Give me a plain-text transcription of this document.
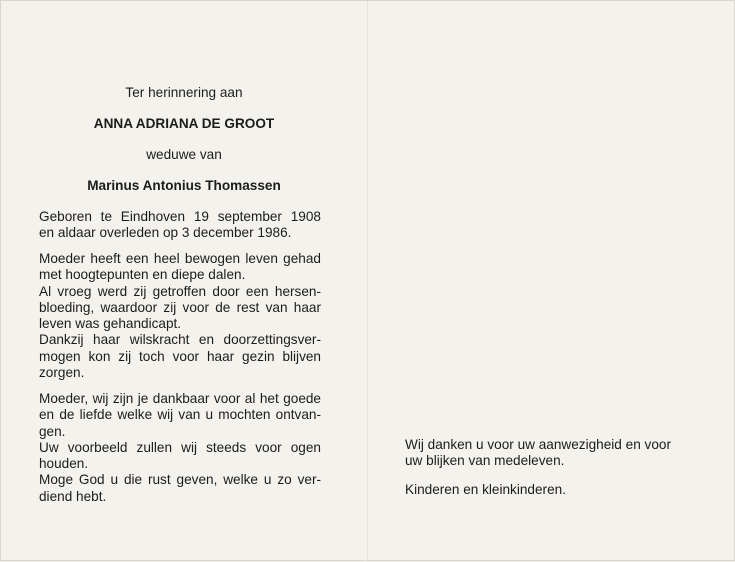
Ter herinnering aan
ANNA ADRIANA DE GROOT
weduwe van
Marinus Antonius Thomassen
Geboren te Eindhoven 19 september 1908
en aldaar overleden op 3 december 1986.
Moeder heeft een heel bewogen leven gehad
met hoogtepunten en diepe dalen.
Al vroeg werd zij getroffen door een hersen-
bloeding, waardoor zij voor de rest van haar
leven was gehandicapt.
Dankzij haar wilskracht en doorzettingsver-
mogen kon zij toch voor haar gezin blijven
zorgen.
Moeder, wij zijn je dankbaar voor al het goede
en de liefde welke wij van u mochten ontvan-
gen.
Uw voorbeeld zullen wij steeds voor ogen
houden.
Moge God u die rust geven, welke u zo ver-
diend hebt.
Wij danken u voor uw aanwezigheid en voor
uw blijken van medeleven.
Kinderen en kleinkinderen.
